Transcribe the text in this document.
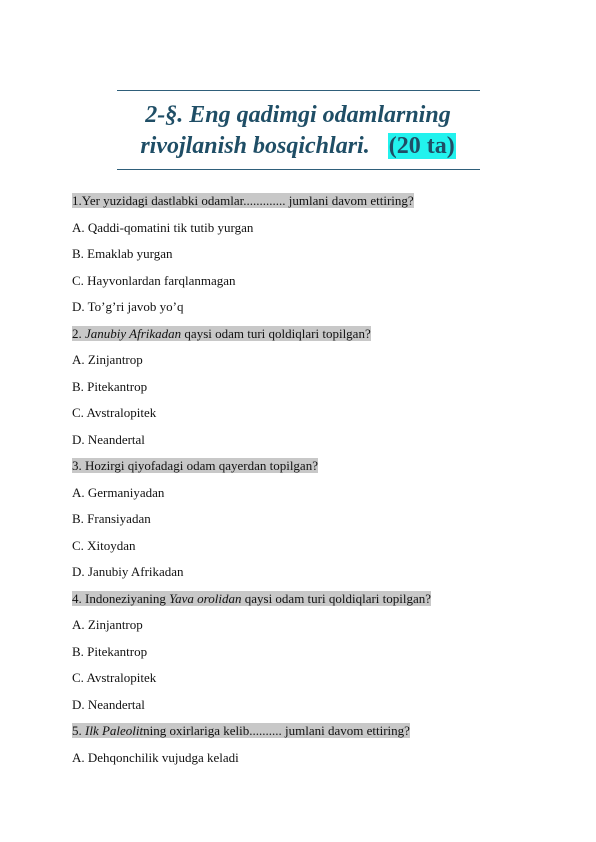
2-§. Eng qadimgi odamlarning
rivojlanish bosqichlari. (20 ta)
1.Yer yuzidagi dastlabki odamlar............. jumlani davom ettiring?
A. Qaddi-qomatini tik tutib yurgan
B. Emaklab yurgan
C. Hayvonlardan farqlanmagan
D. To’g’ri javob yo’q
2. Janubiy Afrikadan qaysi odam turi qoldiqlari topilgan?
A. Zinjantrop
B. Pitekantrop
C. Avstralopitek
D. Neandertal
3. Hozirgi qiyofadagi odam qayerdan topilgan?
A. Germaniyadan
B. Fransiyadan
C. Xitoydan
D. Janubiy Afrikadan
4. Indoneziyaning Yava orolidan qaysi odam turi qoldiqlari topilgan?
A. Zinjantrop
B. Pitekantrop
C. Avstralopitek
D. Neandertal
5. Ilk Paleolitning oxirlariga kelib.......... jumlani davom ettiring?
A. Dehqonchilik vujudga keladi
